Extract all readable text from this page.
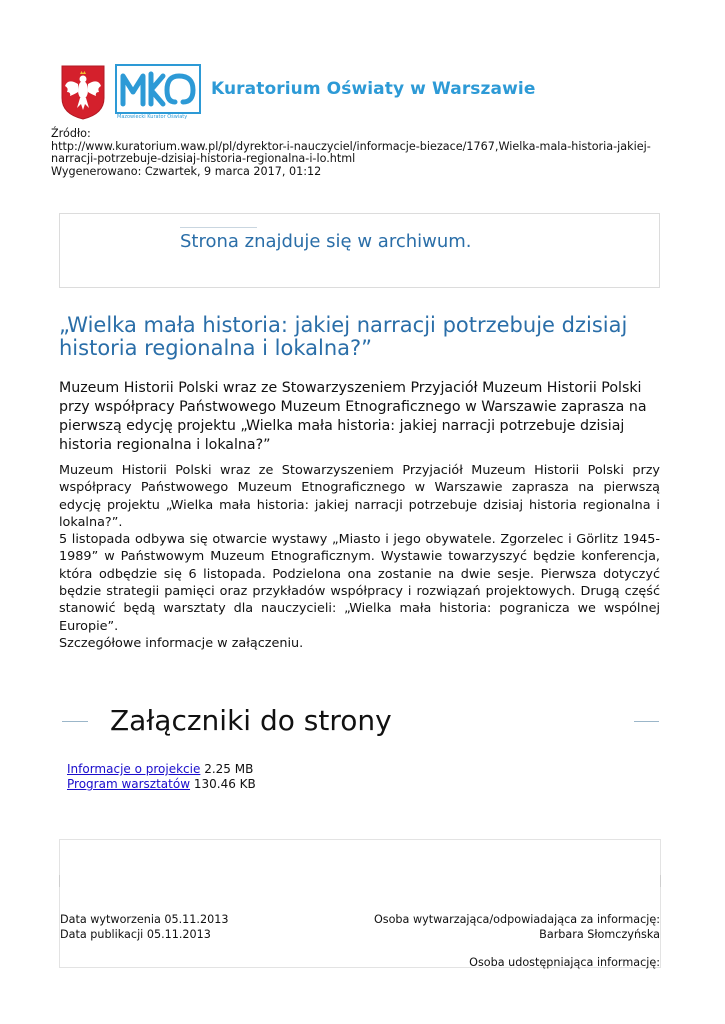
Mazowiecki Kurator Oświaty
Kuratorium Oświaty w Warszawie
Źródło:
http://www.kuratorium.waw.pl/pl/dyrektor-i-nauczyciel/informacje-biezace/1767,Wielka-mala-historia-jakiej-
narracji-potrzebuje-dzisiaj-historia-regionalna-i-lo.html
Wygenerowano: Czwartek, 9 marca 2017, 01:12
Strona znajduje się w archiwum.
„Wielka mała historia: jakiej narracji potrzebuje dzisiaj historia regionalna i lokalna?”
Muzeum Historii Polski wraz ze Stowarzyszeniem Przyjaciół Muzeum Historii Polski przy współpracy Państwowego Muzeum Etnograficznego w Warszawie zaprasza na pierwszą edycję projektu „Wielka mała historia: jakiej narracji potrzebuje dzisiaj historia regionalna i lokalna?”

Muzeum Historii Polski wraz ze Stowarzyszeniem Przyjaciół Muzeum Historii Polski przy współpracy Państwowego Muzeum Etnograficznego w Warszawie zaprasza na pierwszą edycję projektu „Wielka mała historia: jakiej narracji potrzebuje dzisiaj historia regionalna i lokalna?”.

5 listopada odbywa się otwarcie wystawy „Miasto i jego obywatele. Zgorzelec i Görlitz 1945-1989” w Państwowym Muzeum Etnograficznym. Wystawie towarzyszyć będzie konferencja, która odbędzie się 6 listopada. Podzielona ona zostanie na dwie sesje. Pierwsza dotyczyć będzie strategii pamięci oraz przykładów współpracy i rozwiązań projektowych. Drugą część stanowić będą warsztaty dla nauczycieli: „Wielka mała historia: pogranicza we wspólnej Europie”.

Szczegółowe informacje w załączeniu.

Załączniki do strony
Informacje o projekcie 2.25 MB
Program warsztatów 130.46 KB
Data wytworzenia 05.11.2013
Data publikacji 05.11.2013
Osoba wytwarzająca/odpowiadająca za informację:
Barbara Słomczyńska
Osoba udostępniająca informację:
